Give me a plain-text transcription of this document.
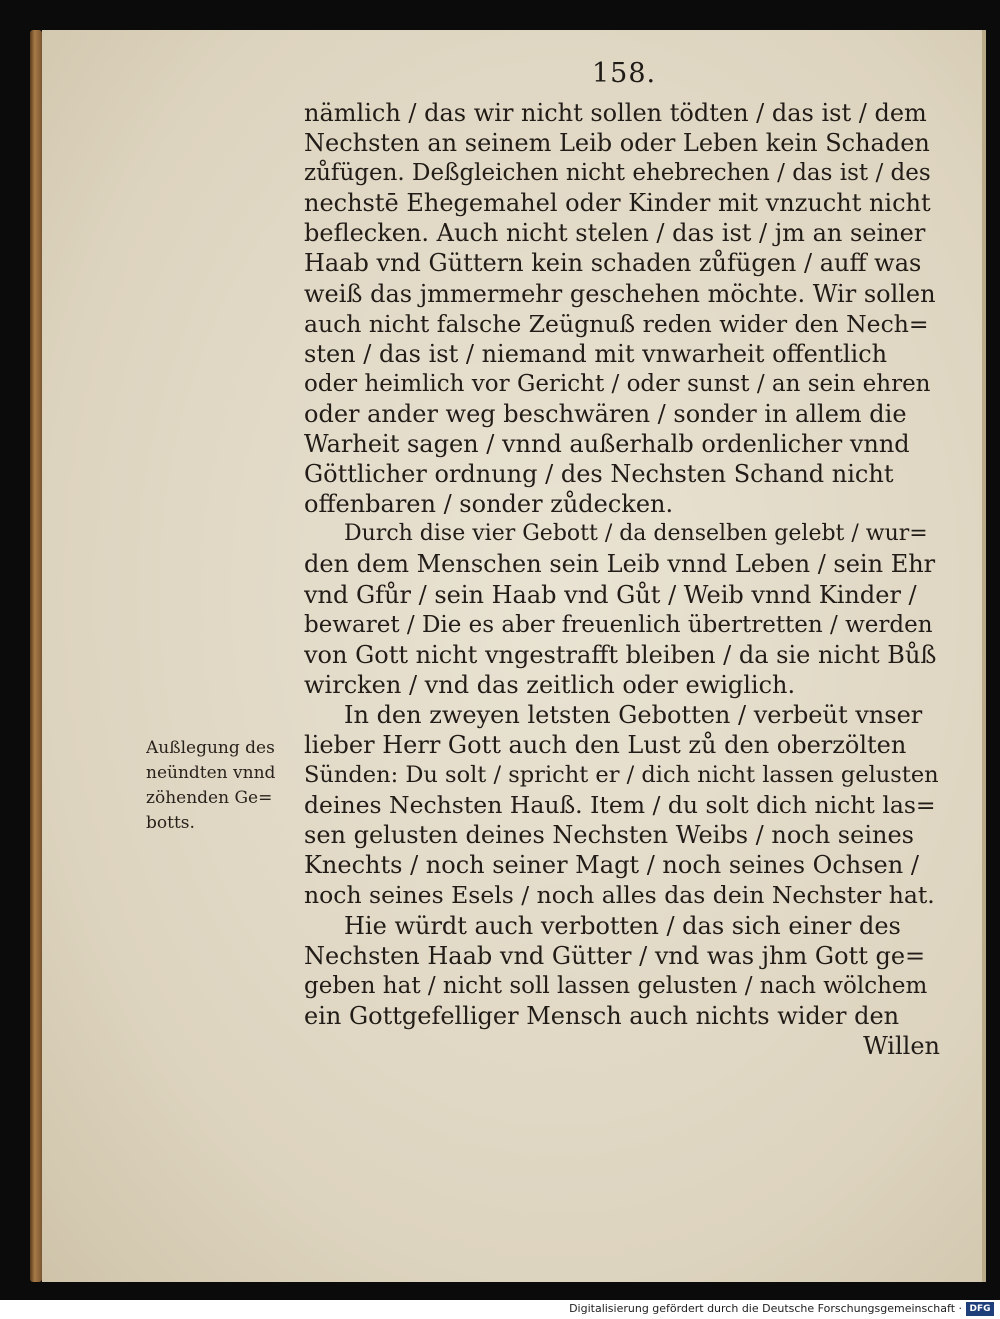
158.
nämlich / das wir nicht sollen tödten / das ist / dem
Nechsten an seinem Leib oder Leben kein Schaden
zůfügen. Deßgleichen nicht ehebrechen / das ist / des
nechstē Ehegemahel oder Kinder mit vnzucht nicht
beflecken. Auch nicht stelen / das ist / jm an seiner
Haab vnd Güttern kein schaden zůfügen / auff was
weiß das jmmermehr geschehen möchte. Wir sollen
auch nicht falsche Zeügnuß reden wider den Nech=
sten / das ist / niemand mit vnwarheit offentlich
oder heimlich vor Gericht / oder sunst / an sein ehren
oder ander weg beschwären / sonder in allem die
Warheit sagen / vnnd außerhalb ordenlicher vnnd
Göttlicher ordnung / des Nechsten Schand nicht
offenbaren / sonder zůdecken.
Durch dise vier Gebott / da denselben gelebt / wur=
den dem Menschen sein Leib vnnd Leben / sein Ehr
vnd Gfůr / sein Haab vnd Gůt / Weib vnnd Kinder /
bewaret / Die es aber freuenlich übertretten / werden
von Gott nicht vngestrafft bleiben / da sie nicht Bůß
wircken / vnd das zeitlich oder ewiglich.
In den zweyen letsten Gebotten / verbeüt vnser
lieber Herr Gott auch den Lust zů den oberzölten
Sünden: Du solt / spricht er / dich nicht lassen gelusten
deines Nechsten Hauß. Item / du solt dich nicht las=
sen gelusten deines Nechsten Weibs / noch seines
Knechts / noch seiner Magt / noch seines Ochsen /
noch seines Esels / noch alles das dein Nechster hat.
Hie würdt auch verbotten / das sich einer des
Nechsten Haab vnd Gütter / vnd was jhm Gott ge=
geben hat / nicht soll lassen gelusten / nach wölchem
ein Gottgefelliger Mensch auch nichts wider den
Willen
Außlegung des
neündten vnnd
zöhenden Ge=
botts.
Digitalisierung gefördert durch die Deutsche Forschungsgemeinschaft · DFG
